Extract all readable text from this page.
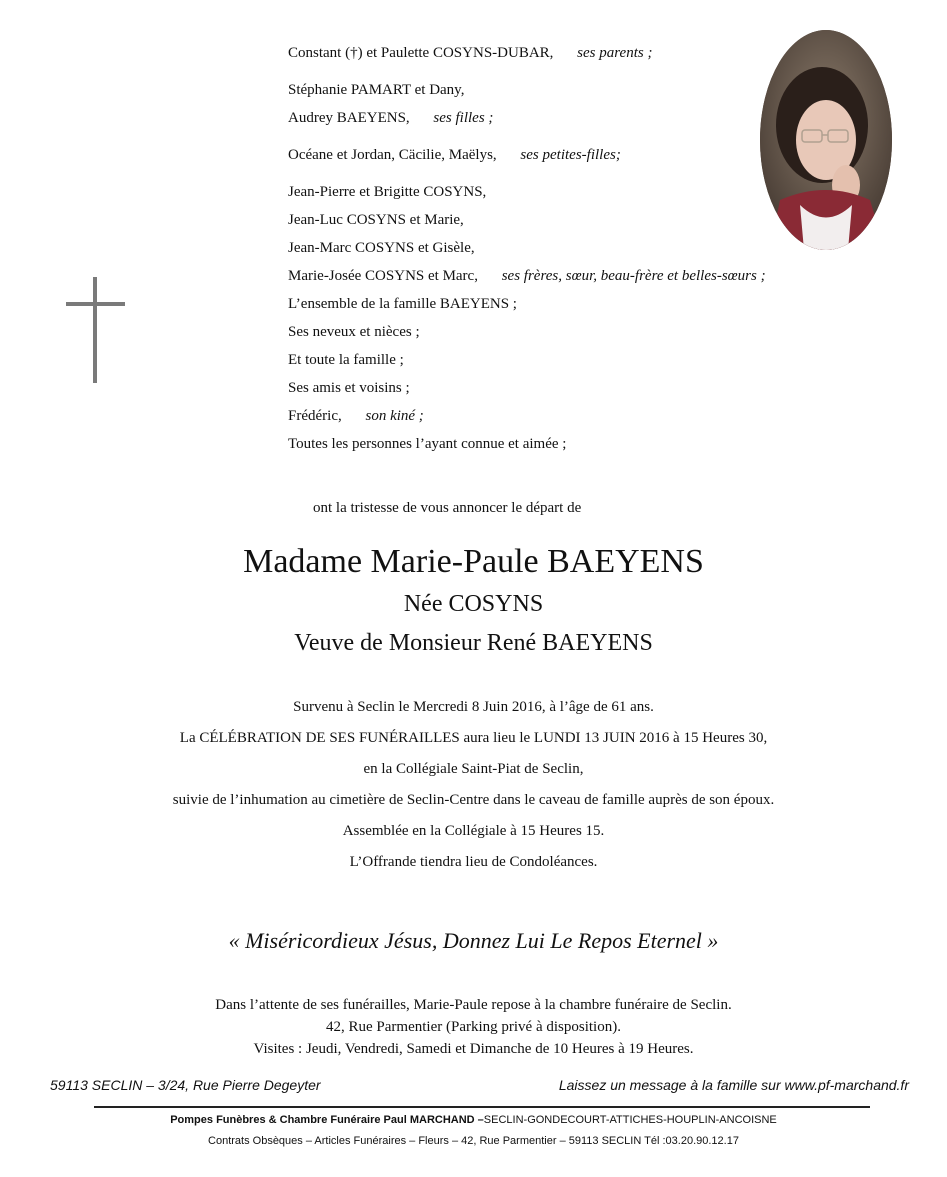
Constant (†) et Paulette COSYNS-DUBAR, ses parents ;
Stéphanie PAMART et Dany,
Audrey BAEYENS, ses filles ;
Océane et Jordan, Cäcilie, Maëlys, ses petites-filles;
Jean-Pierre et Brigitte COSYNS,
Jean-Luc COSYNS et Marie,
Jean-Marc COSYNS et Gisèle,
Marie-Josée COSYNS et Marc, ses frères, sœur, beau-frère et belles-sœurs ;
L’ensemble de la famille BAEYENS ;
Ses neveux et nièces ;
Et toute la famille ;
Ses amis et voisins ;
Frédéric, son kiné ;
Toutes les personnes l’ayant connue et aimée ;
ont la tristesse de vous annoncer le départ de
Madame Marie-Paule BAEYENS
Née COSYNS
Veuve de Monsieur René BAEYENS
Survenu à Seclin le Mercredi 8 Juin 2016, à l’âge de 61 ans.
La CÉLÉBRATION DE SES FUNÉRAILLES aura lieu le LUNDI 13 JUIN 2016 à 15 Heures 30,
en la Collégiale Saint-Piat de Seclin,
suivie de l’inhumation au cimetière de Seclin-Centre dans le caveau de famille auprès de son époux.
Assemblée en la Collégiale à 15 Heures 15.
L’Offrande tiendra lieu de Condoléances.
« Miséricordieux Jésus, Donnez Lui Le Repos Eternel »
Dans l’attente de ses funérailles, Marie-Paule repose à la chambre funéraire de Seclin.
42, Rue Parmentier (Parking privé à disposition).
Visites : Jeudi, Vendredi, Samedi et Dimanche de 10 Heures à 19 Heures.
59113 SECLIN – 3/24, Rue Pierre Degeyter	Laissez un message à la famille sur www.pf-marchand.fr
Pompes Funèbres & Chambre Funéraire Paul MARCHAND –SECLIN-GONDECOURT-ATTICHES-HOUPLIN-ANCOISNE
Contrats Obsèques – Articles Funéraires – Fleurs – 42, Rue Parmentier – 59113 SECLIN Tél :03.20.90.12.17
